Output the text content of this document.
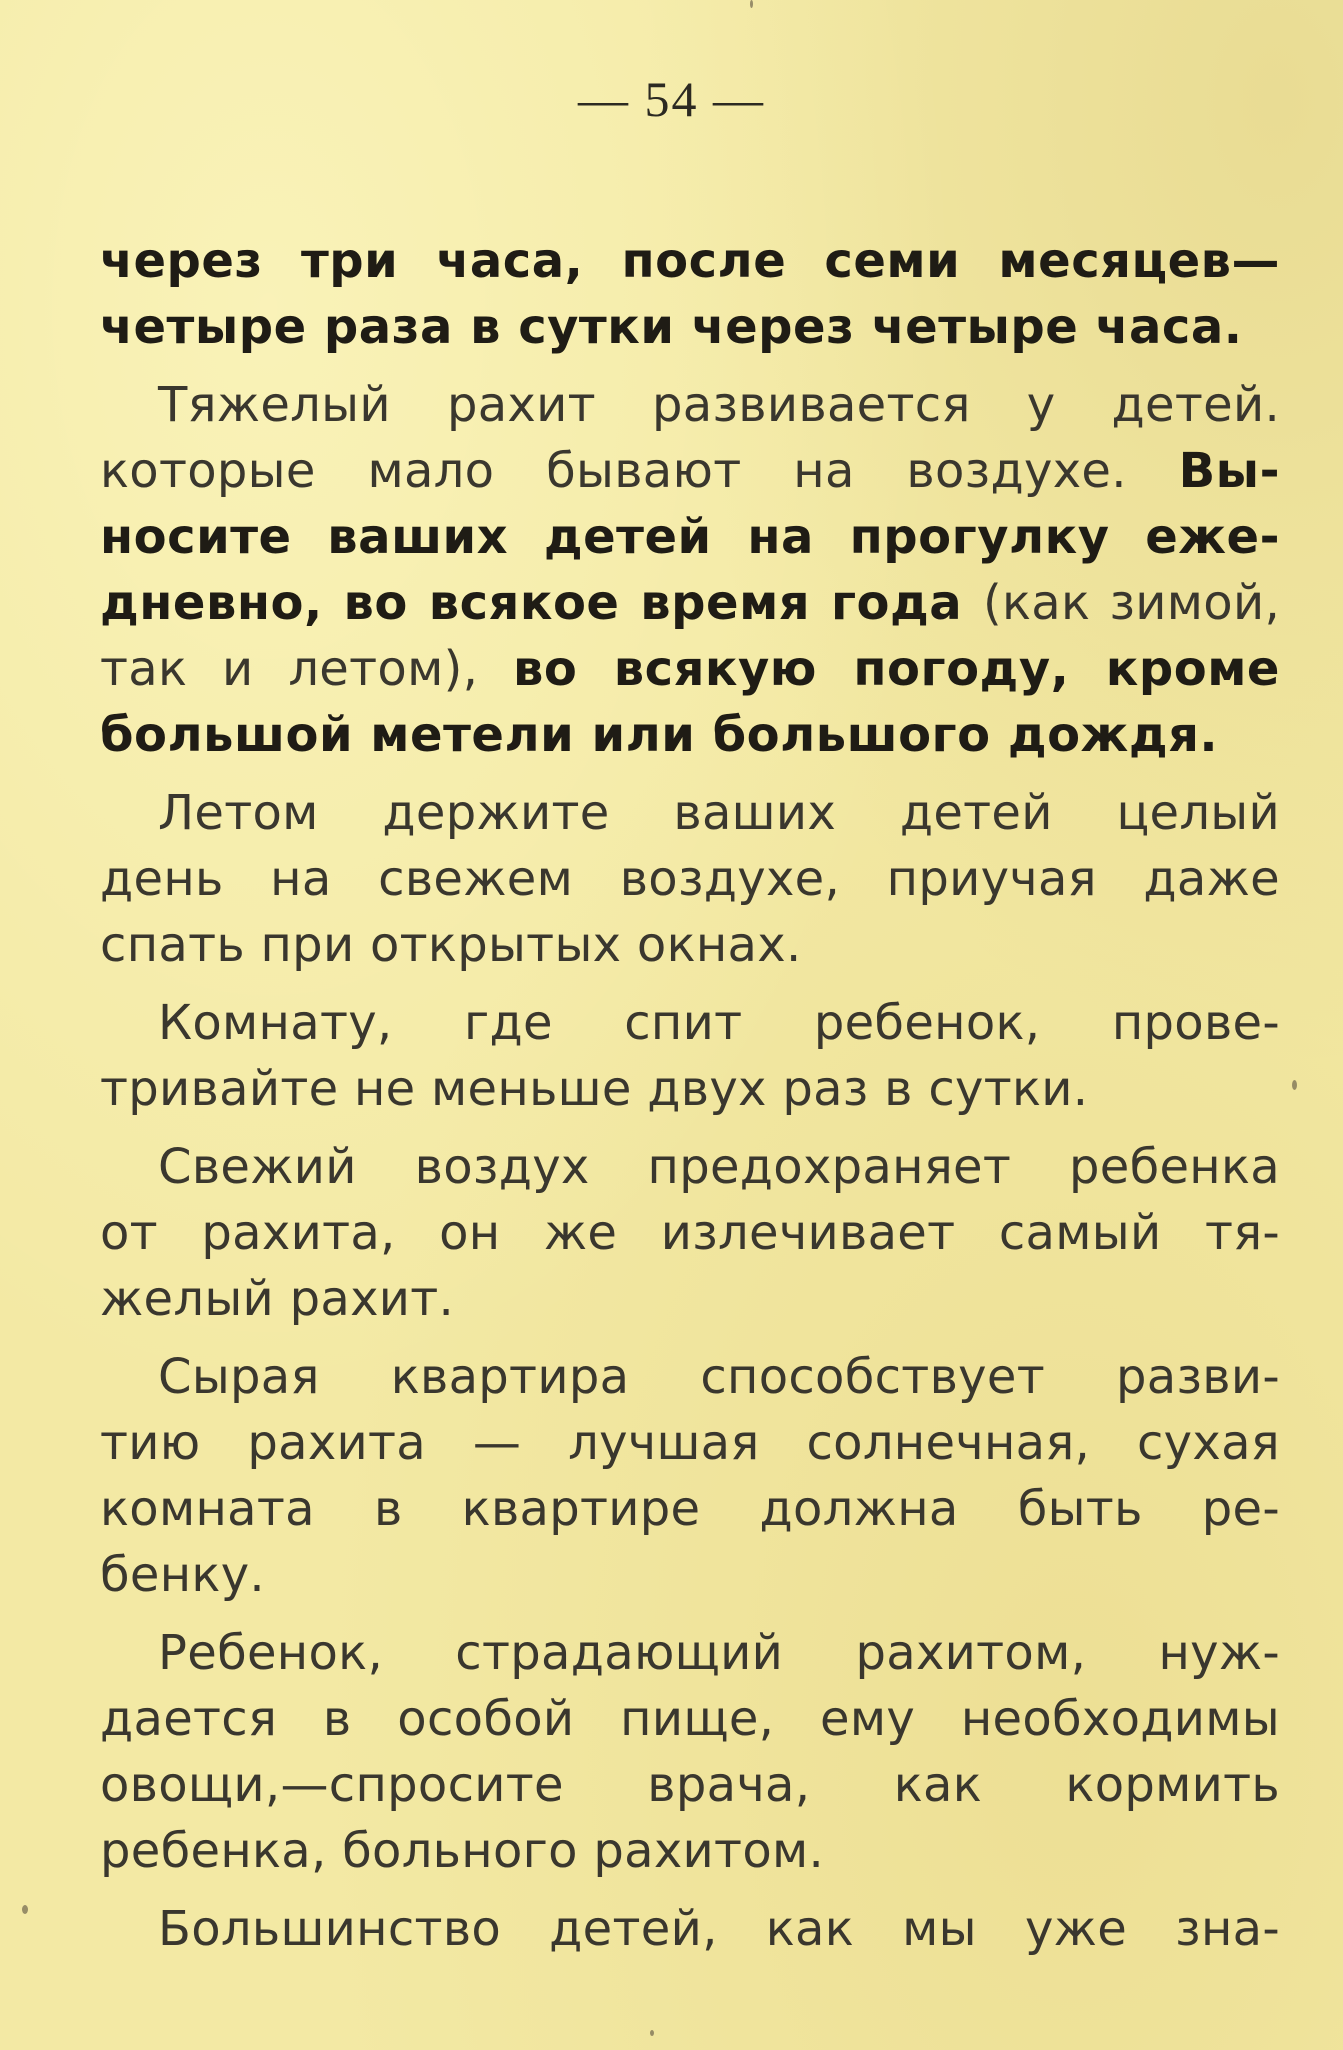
— 54 —

через три часа, после семи месяцев—
четыре раза в сутки через четыре часа.

Тяжелый рахит развивается у детей.
которые мало бывают на воздухе. Вы-
носите ваших детей на прогулку еже-
дневно, во всякое время года (как зимой,
так и летом), во всякую погоду, кроме
большой метели или большого дождя.

Летом держите ваших детей целый
день на свежем воздухе, приучая даже
спать при открытых окнах.

Комнату, где спит ребенок, прове-
тривайте не меньше двух раз в сутки.

Свежий воздух предохраняет ребенка
от рахита, он же излечивает самый тя-
желый рахит.

Сырая квартира способствует разви-
тию рахита — лучшая солнечная, сухая
комната в квартире должна быть ре-
бенку.

Ребенок, страдающий рахитом, нуж-
дается в особой пище, ему необходимы
овощи,—спросите врача, как кормить
ребенка, больного рахитом.

Большинство детей, как мы уже зна-
